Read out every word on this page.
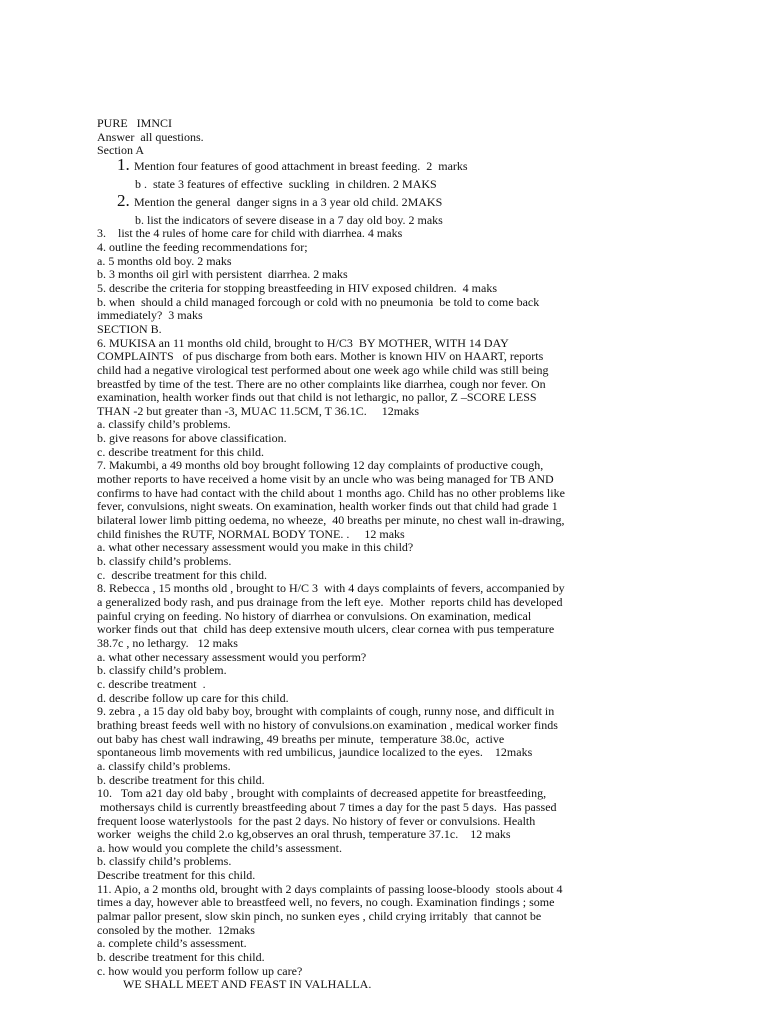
PURE   IMNCI

Answer  all questions.

Section A

1. Mention four features of good attachment in breast feeding.  2  marks

b .  state 3 features of effective  suckling  in children. 2 MAKS

2. Mention the general  danger signs in a 3 year old child. 2MAKS

b. list the indicators of severe disease in a 7 day old boy. 2 maks

3.    list the 4 rules of home care for child with diarrhea. 4 maks

4. outline the feeding recommendations for;

a. 5 months old boy. 2 maks

b. 3 months oil girl with persistent  diarrhea. 2 maks

5. describe the criteria for stopping breastfeeding in HIV exposed children.  4 maks

b. when  should a child managed forcough or cold with no pneumonia  be told to come back

immediately?  3 maks

SECTION B.

6. MUKISA an 11 months old child, brought to H/C3  BY MOTHER, WITH 14 DAY

COMPLAINTS   of pus discharge from both ears. Mother is known HIV on HAART, reports

child had a negative virological test performed about one week ago while child was still being

breastfed by time of the test. There are no other complaints like diarrhea, cough nor fever. On

examination, health worker finds out that child is not lethargic, no pallor, Z –SCORE LESS

THAN -2 but greater than -3, MUAC 11.5CM, T 36.1C.     12maks

a. classify child’s problems.

b. give reasons for above classification.

c. describe treatment for this child.

7. Makumbi, a 49 months old boy brought following 12 day complaints of productive cough,

mother reports to have received a home visit by an uncle who was being managed for TB AND

confirms to have had contact with the child about 1 months ago. Child has no other problems like

fever, convulsions, night sweats. On examination, health worker finds out that child had grade 1

bilateral lower limb pitting oedema, no wheeze,  40 breaths per minute, no chest wall in-drawing,

child finishes the RUTF, NORMAL BODY TONE. .     12 maks

a. what other necessary assessment would you make in this child?

b. classify child’s problems.

c.  describe treatment for this child.

8. Rebecca , 15 months old , brought to H/C 3  with 4 days complaints of fevers, accompanied by

a generalized body rash, and pus drainage from the left eye.  Mother  reports child has developed

painful crying on feeding. No history of diarrhea or convulsions. On examination, medical

worker finds out that  child has deep extensive mouth ulcers, clear cornea with pus temperature

38.7c , no lethargy.   12 maks

a. what other necessary assessment would you perform?

b. classify child’s problem.

c. describe treatment  .

d. describe follow up care for this child.

9. zebra , a 15 day old baby boy, brought with complaints of cough, runny nose, and difficult in

brathing breast feeds well with no history of convulsions.on examination , medical worker finds

out baby has chest wall indrawing, 49 breaths per minute,  temperature 38.0c,  active

spontaneous limb movements with red umbilicus, jaundice localized to the eyes.    12maks

a. classify child’s problems.

b. describe treatment for this child.

10.   Tom a21 day old baby , brought with complaints of decreased appetite for breastfeeding,

mothersays child is currently breastfeeding about 7 times a day for the past 5 days.  Has passed

frequent loose waterlystools  for the past 2 days. No history of fever or convulsions. Health

worker  weighs the child 2.o kg,observes an oral thrush, temperature 37.1c.    12 maks

a. how would you complete the child’s assessment.

b. classify child’s problems.

Describe treatment for this child.

11. Apio, a 2 months old, brought with 2 days complaints of passing loose-bloody  stools about 4

times a day, however able to breastfeed well, no fevers, no cough. Examination findings ; some

palmar pallor present, slow skin pinch, no sunken eyes , child crying irritably  that cannot be

consoled by the mother.  12maks

a. complete child’s assessment.

b. describe treatment for this child.

c. how would you perform follow up care?

WE SHALL MEET AND FEAST IN VALHALLA.
